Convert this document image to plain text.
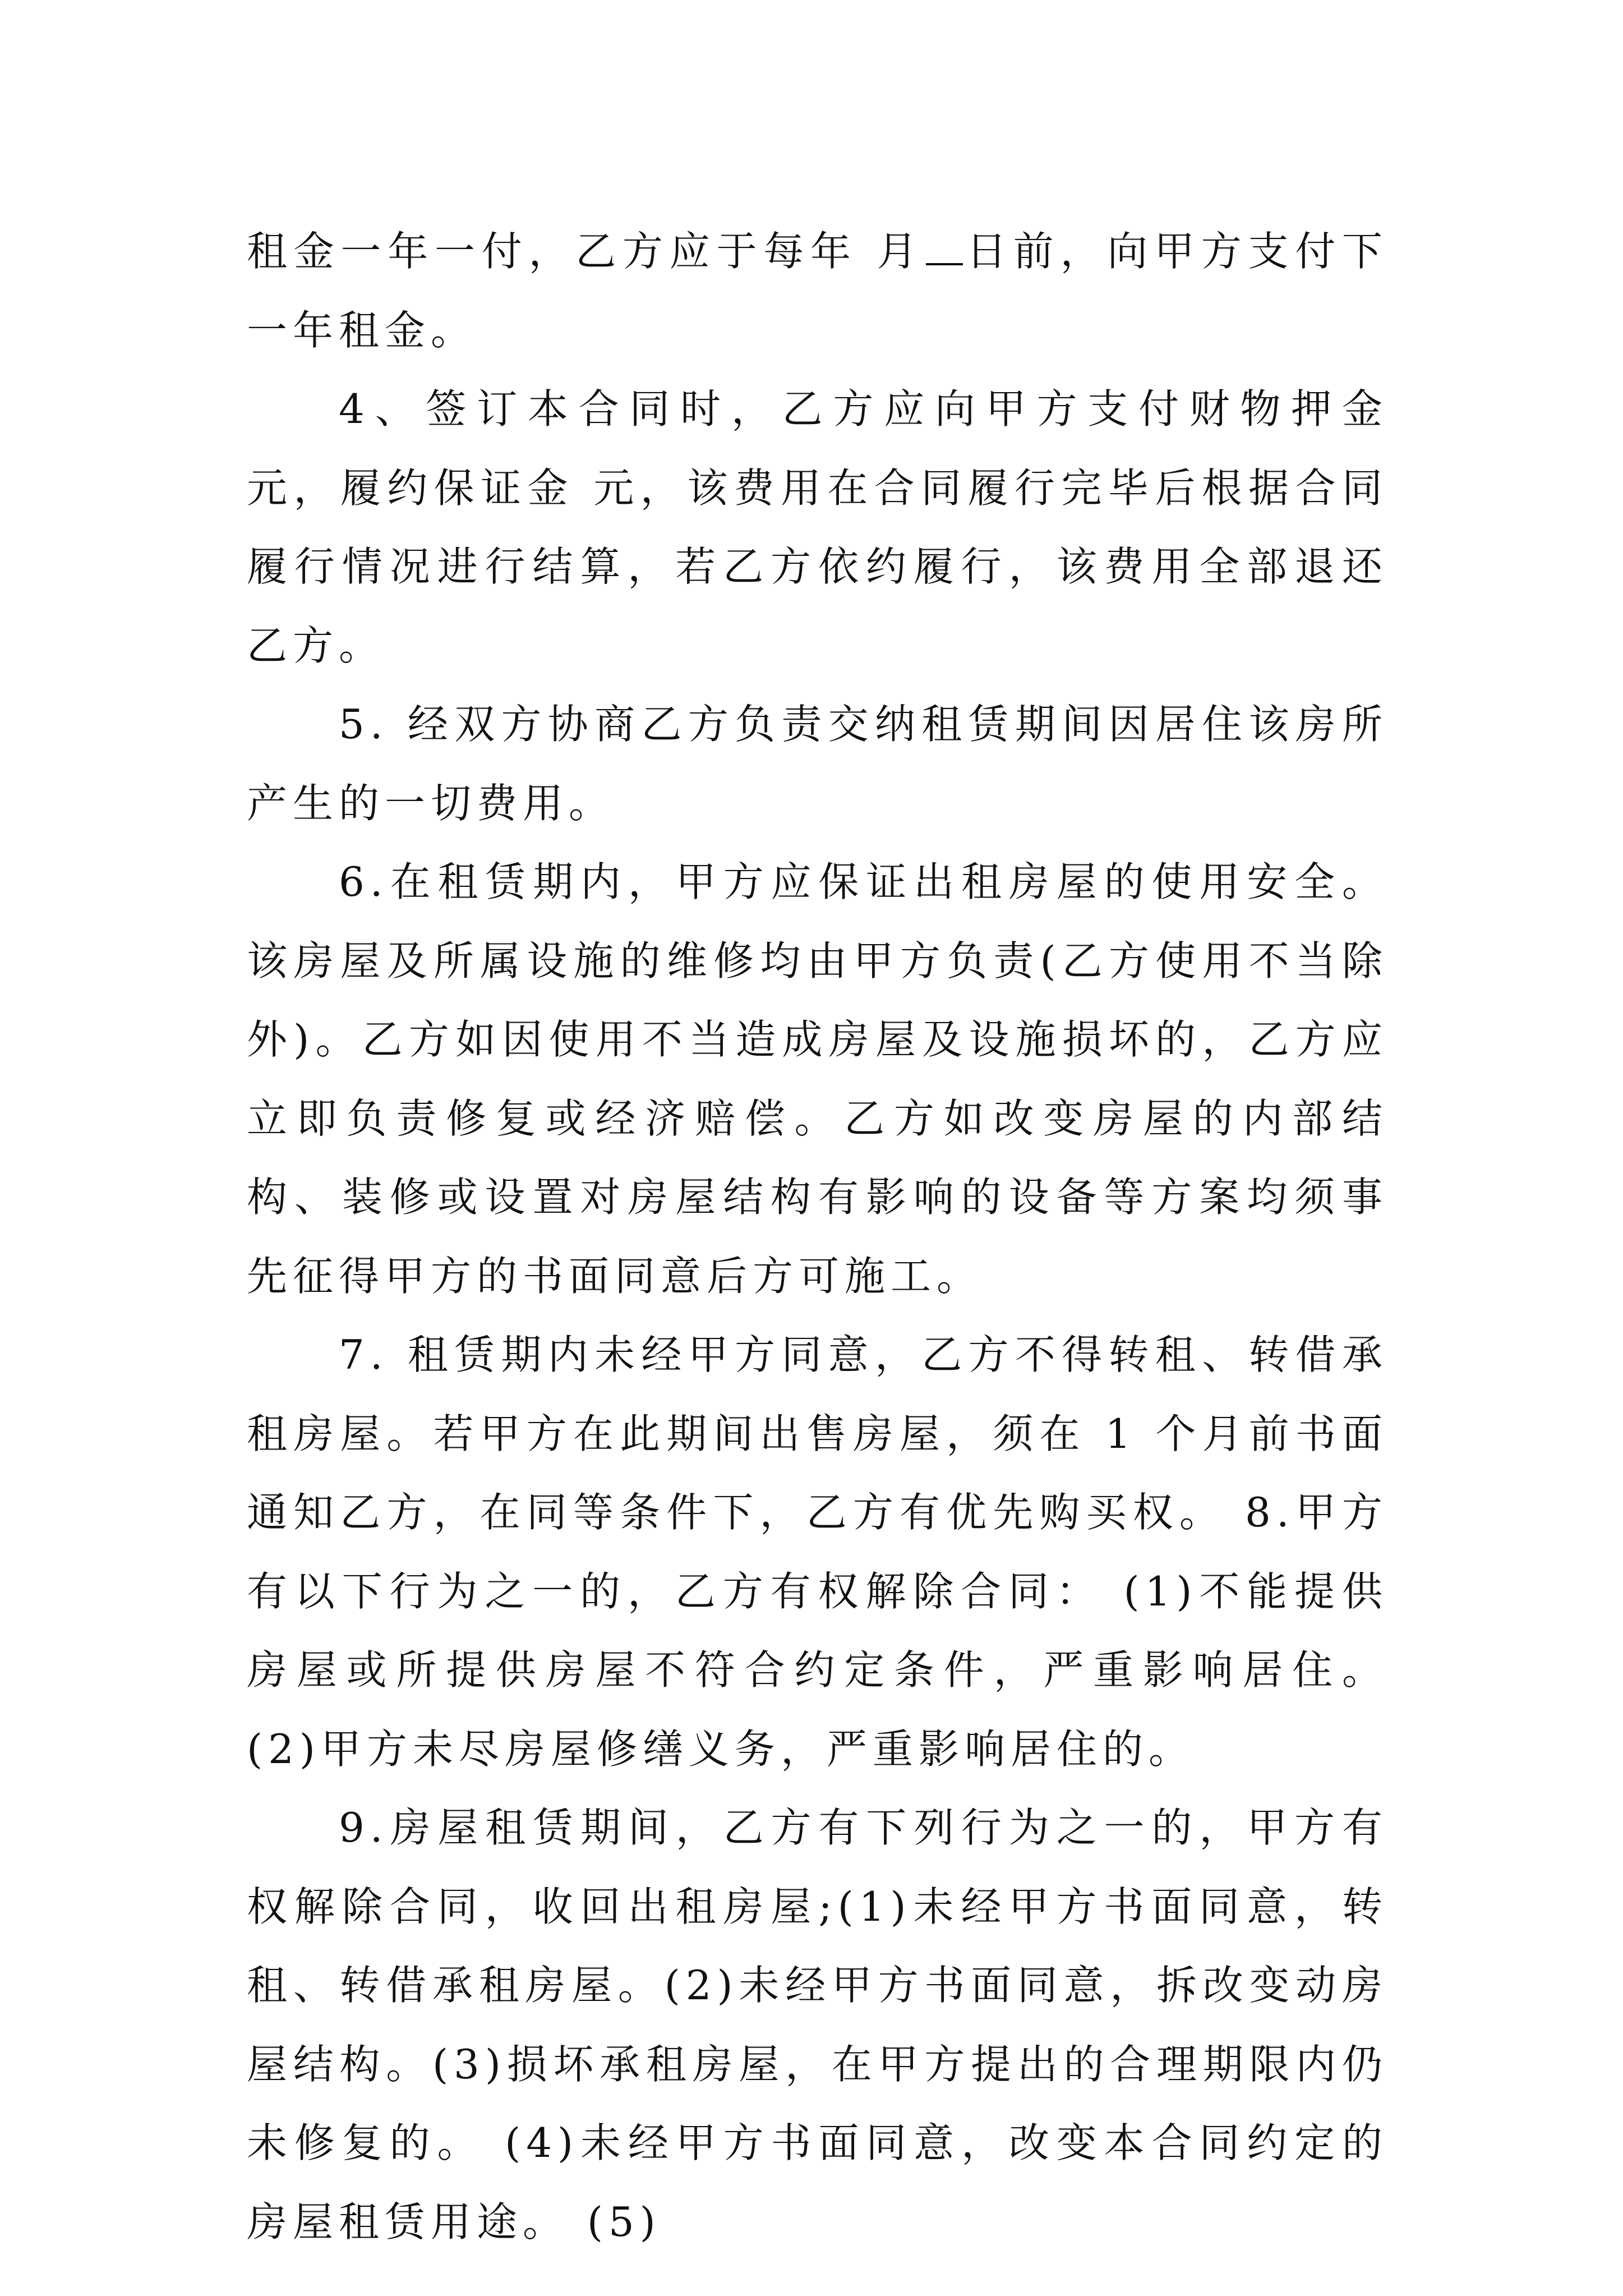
租金一年一付，乙方应于每年 月 日前，向甲方支付下一年租金。

4、签订本合同时，乙方应向甲方支付财物押金 元，履约保证金 元，该费用在合同履行完毕后根据合同履行情况进行结算，若乙方依约履行，该费用全部退还乙方。

5. 经双方协商乙方负责交纳租赁期间因居住该房所产生的一切费用。

6.在租赁期内，甲方应保证出租房屋的使用安全。该房屋及所属设施的维修均由甲方负责(乙方使用不当除外)。乙方如因使用不当造成房屋及设施损坏的，乙方应立即负责修复或经济赔偿。乙方如改变房屋的内部结构、装修或设置对房屋结构有影响的设备等方案均须事先征得甲方的书面同意后方可施工。

7. 租赁期内未经甲方同意，乙方不得转租、转借承租房屋。若甲方在此期间出售房屋，须在 1 个月前书面通知乙方，在同等条件下，乙方有优先购买权。 8.甲方有以下行为之一的，乙方有权解除合同： (1)不能提供房屋或所提供房屋不符合约定条件，严重影响居住。 (2)甲方未尽房屋修缮义务，严重影响居住的。

9.房屋租赁期间，乙方有下列行为之一的，甲方有权解除合同，收回出租房屋;(1)未经甲方书面同意，转租、转借承租房屋。(2)未经甲方书面同意，拆改变动房屋结构。(3)损坏承租房屋，在甲方提出的合理期限内仍未修复的。 (4)未经甲方书面同意，改变本合同约定的房屋租赁用途。 (5)
